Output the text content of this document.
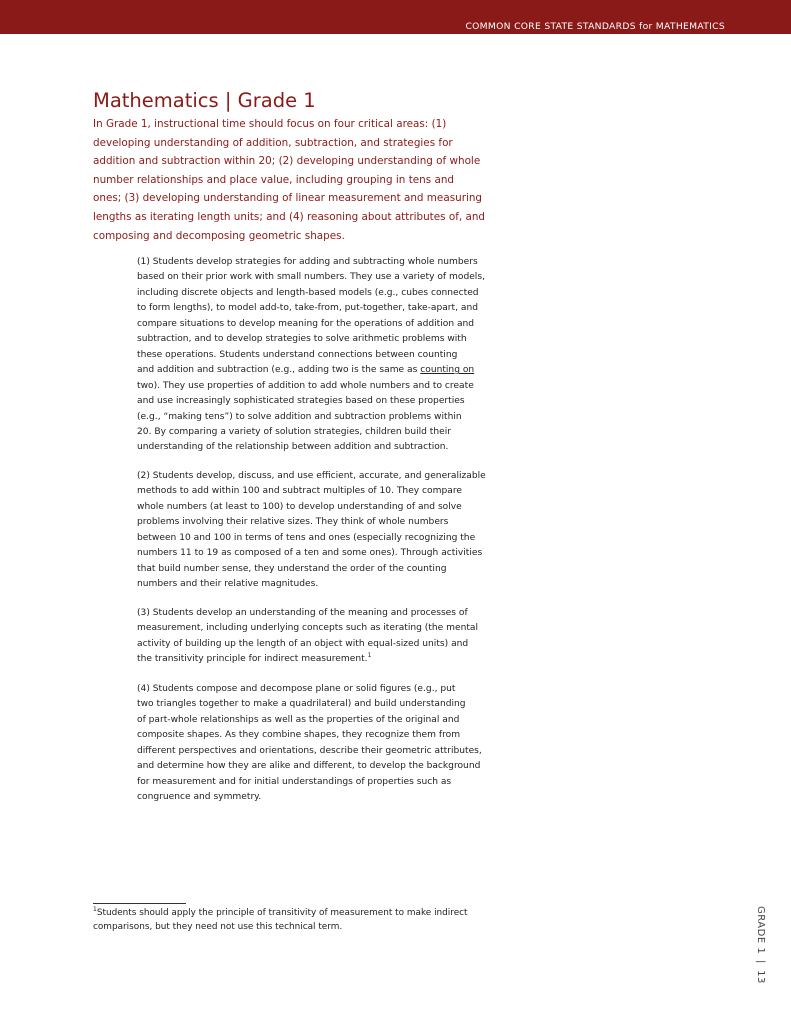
COMMON CORE STATE STANDARDS for MATHEMATICS
Mathematics | Grade 1

In Grade 1, instructional time should focus on four critical areas: (1)
developing understanding of addition, subtraction, and strategies for
addition and subtraction within 20; (2) developing understanding of whole
number relationships and place value, including grouping in tens and
ones; (3) developing understanding of linear measurement and measuring
lengths as iterating length units; and (4) reasoning about attributes of, and
composing and decomposing geometric shapes.

(1) Students develop strategies for adding and subtracting whole numbers
based on their prior work with small numbers. They use a variety of models,
including discrete objects and length-based models (e.g., cubes connected
to form lengths), to model add-to, take-from, put-together, take-apart, and
compare situations to develop meaning for the operations of addition and
subtraction, and to develop strategies to solve arithmetic problems with
these operations. Students understand connections between counting
and addition and subtraction (e.g., adding two is the same as counting on
two). They use properties of addition to add whole numbers and to create
and use increasingly sophisticated strategies based on these properties
(e.g., “making tens”) to solve addition and subtraction problems within
20. By comparing a variety of solution strategies, children build their
understanding of the relationship between addition and subtraction.
(2) Students develop, discuss, and use efficient, accurate, and generalizable
methods to add within 100 and subtract multiples of 10. They compare
whole numbers (at least to 100) to develop understanding of and solve
problems involving their relative sizes. They think of whole numbers
between 10 and 100 in terms of tens and ones (especially recognizing the
numbers 11 to 19 as composed of a ten and some ones). Through activities
that build number sense, they understand the order of the counting
numbers and their relative magnitudes.
(3) Students develop an understanding of the meaning and processes of
measurement, including underlying concepts such as iterating (the mental
activity of building up the length of an object with equal-sized units) and
the transitivity principle for indirect measurement.$^1$
(4) Students compose and decompose plane or solid figures (e.g., put
two triangles together to make a quadrilateral) and build understanding
of part-whole relationships as well as the properties of the original and
composite shapes. As they combine shapes, they recognize them from
different perspectives and orientations, describe their geometric attributes,
and determine how they are alike and different, to develop the background
for measurement and for initial understandings of properties such as
congruence and symmetry.
$^1$Students should apply the principle of transitivity of measurement to make indirect
comparisons, but they need not use this technical term.	GRADE 1|13
